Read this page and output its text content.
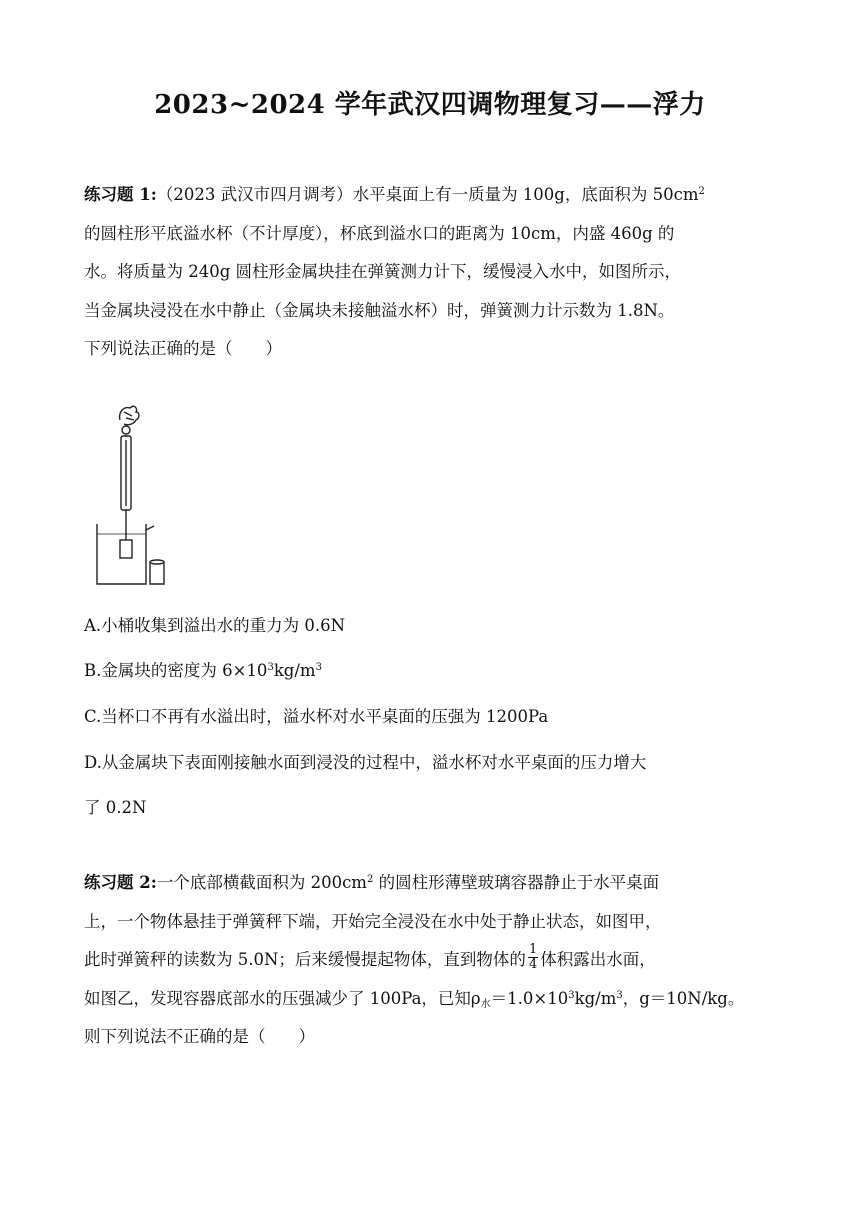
2023~2024 学年武汉四调物理复习——浮力
练习题 1:（2023 武汉市四月调考）水平桌面上有一质量为 100g，底面积为 $50cm^2$
的圆柱形平底溢水杯（不计厚度），杯底到溢水口的距离为 10cm，内盛 460g 的
水。将质量为 240g 圆柱形金属块挂在弹簧测力计下，缓慢浸入水中，如图所示，
当金属块浸没在水中静止（金属块未接触溢水杯）时，弹簧测力计示数为 1.8N。
下列说法正确的是（　　）
A.小桶收集到溢出水的重力为 0.6N
B.金属块的密度为 $6\times 10^3kg/m^3$
C.当杯口不再有水溢出时，溢水杯对水平桌面的压强为 1200Pa
D.从金属块下表面刚接触水面到浸没的过程中，溢水杯对水平桌面的压力增大
了 0.2N
练习题 2:一个底部横截面积为 $200cm^2$ 的圆柱形薄壁玻璃容器静止于水平桌面
上，一个物体悬挂于弹簧秤下端，开始完全浸没在水中处于静止状态，如图甲，
此时弹簧秤的读数为 5.0N；后来缓慢提起物体，直到物体的 $\frac{1}{4}$ 体积露出水面，
如图乙，发现容器底部水的压强减少了 100Pa，已知$\rho_水=1.0\times 10^3kg/m^3$，g＝10N/kg。
则下列说法不正确的是（　　）
